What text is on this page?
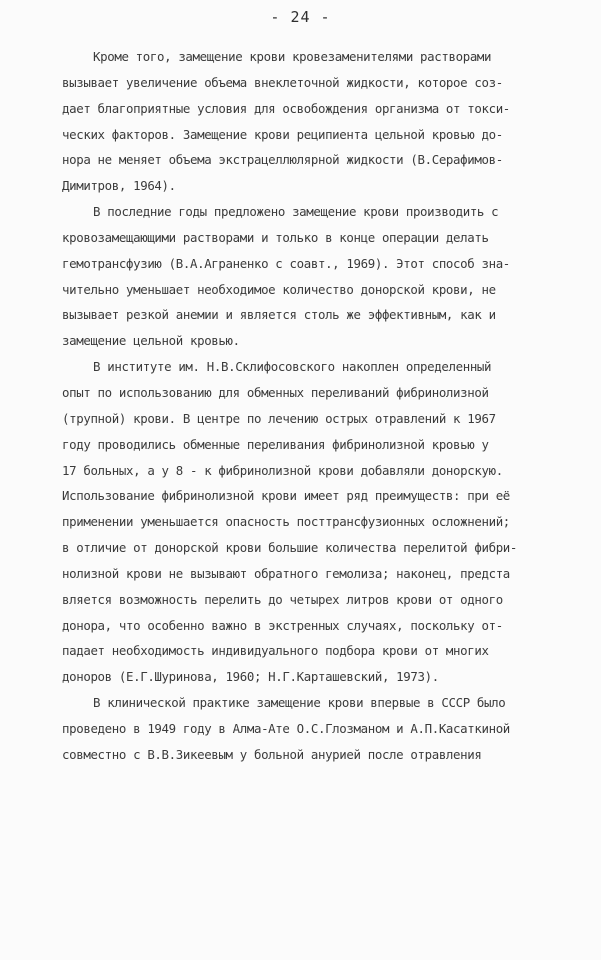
- 24 -
Кроме того, замещение крови кровезаменителями растворами
вызывает увеличение объема внеклеточной жидкости, которое соз-
дает благоприятные условия для освобождения организма от токси-
ческих факторов. Замещение крови реципиента цельной кровью до-
нора не меняет объема экстрацеллюлярной жидкости (В.Серафимов-
Димитров, 1964).
В последние годы предложено замещение крови производить с
кровозамещающими растворами и только в конце операции делать
гемотрансфузию (В.А.Аграненко с соавт., 1969). Этот способ зна-
чительно уменьшает необходимое количество донорской крови, не
вызывает резкой анемии и является столь же эффективным, как и
замещение цельной кровью.
В институте им. Н.В.Склифосовского накоплен определенный
опыт по использованию для обменных переливаний фибринолизной
(трупной) крови. В центре по лечению острых отравлений к 1967
году проводились обменные переливания фибринолизной кровью у
17 больных, а у 8 - к фибринолизной крови добавляли донорскую.
Использование фибринолизной крови имеет ряд преимуществ: при её
применении уменьшается опасность посттрансфузионных осложнений;
в отличие от донорской крови большие количества перелитой фибри-
нолизной крови не вызывают обратного гемолиза; наконец, предста
вляется возможность перелить до четырех литров крови от одного
донора, что особенно важно в экстренных случаях, поскольку от-
падает необходимость индивидуального подбора крови от многих
доноров (Е.Г.Шуринова, 1960; Н.Г.Карташевский, 1973).
В клинической практике замещение крови впервые в СССР было
проведено в 1949 году в Алма-Ате О.С.Глозманом и А.П.Касаткиной
совместно с В.В.Зикеевым у больной анурией после отравления
